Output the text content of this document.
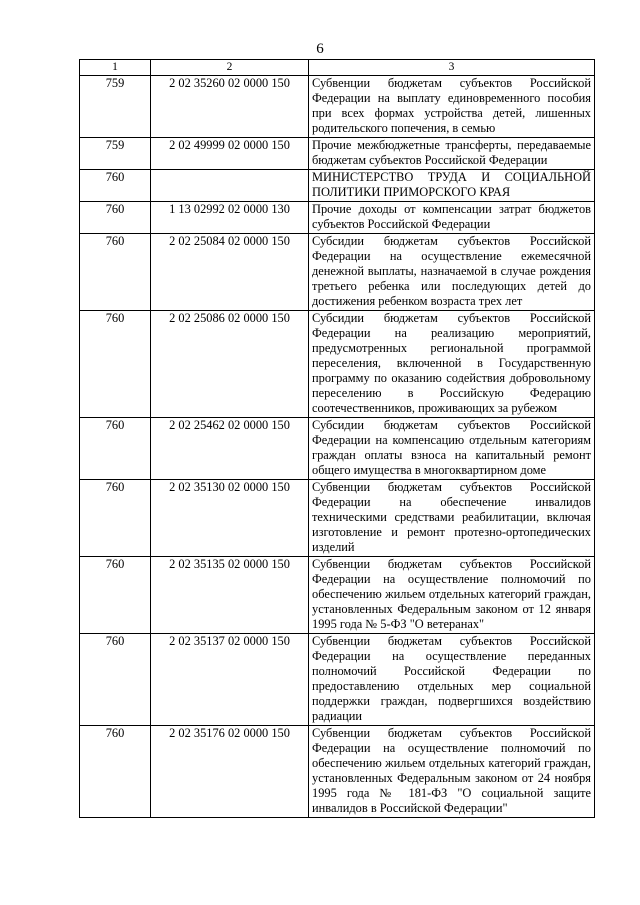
6
1	2	3
759	2 02 35260 02 0000 150	Субвенции бюджетам субъектов Российской Федерации на выплату единовременного пособия при всех формах устройства детей, лишенных родительского попечения, в семью
759	2 02 49999 02 0000 150	Прочие межбюджетные трансферты, передаваемые бюджетам субъектов Российской Федерации
760		МИНИСТЕРСТВО ТРУДА И СОЦИАЛЬНОЙ ПОЛИТИКИ ПРИМОРСКОГО КРАЯ
760	1 13 02992 02 0000 130	Прочие доходы от компенсации затрат бюджетов субъектов Российской Федерации
760	2 02 25084 02 0000 150	Субсидии бюджетам субъектов Российской Федерации на осуществление ежемесячной денежной выплаты, назначаемой в случае рождения третьего ребенка или последующих детей до достижения ребенком возраста трех лет
760	2 02 25086 02 0000 150	Субсидии бюджетам субъектов Российской Федерации на реализацию мероприятий, предусмотренных региональной программой переселения, включенной в Государственную программу по оказанию содействия добровольному переселению в Российскую Федерацию соотечественников, проживающих за рубежом
760	2 02 25462 02 0000 150	Субсидии бюджетам субъектов Российской Федерации на компенсацию отдельным категориям граждан оплаты взноса на капитальный ремонт общего имущества в многоквартирном доме
760	2 02 35130 02 0000 150	Субвенции бюджетам субъектов Российской Федерации на обеспечение инвалидов техническими средствами реабилитации, включая изготовление и ремонт протезно-ортопедических изделий
760	2 02 35135 02 0000 150	Субвенции бюджетам субъектов Российской Федерации на осуществление полномочий по обеспечению жильем отдельных категорий граждан, установленных Федеральным законом от 12 января 1995 года № 5-ФЗ "О ветеранах"
760	2 02 35137 02 0000 150	Субвенции бюджетам субъектов Российской Федерации на осуществление переданных полномочий Российской Федерации по предоставлению отдельных мер социальной поддержки граждан, подвергшихся воздействию радиации
760	2 02 35176 02 0000 150	Субвенции бюджетам субъектов Российской Федерации на осуществление полномочий по обеспечению жильем отдельных категорий граждан, установленных Федеральным законом от 24 ноября 1995 года № 181-ФЗ "О социальной защите инвалидов в Российской Федерации"
